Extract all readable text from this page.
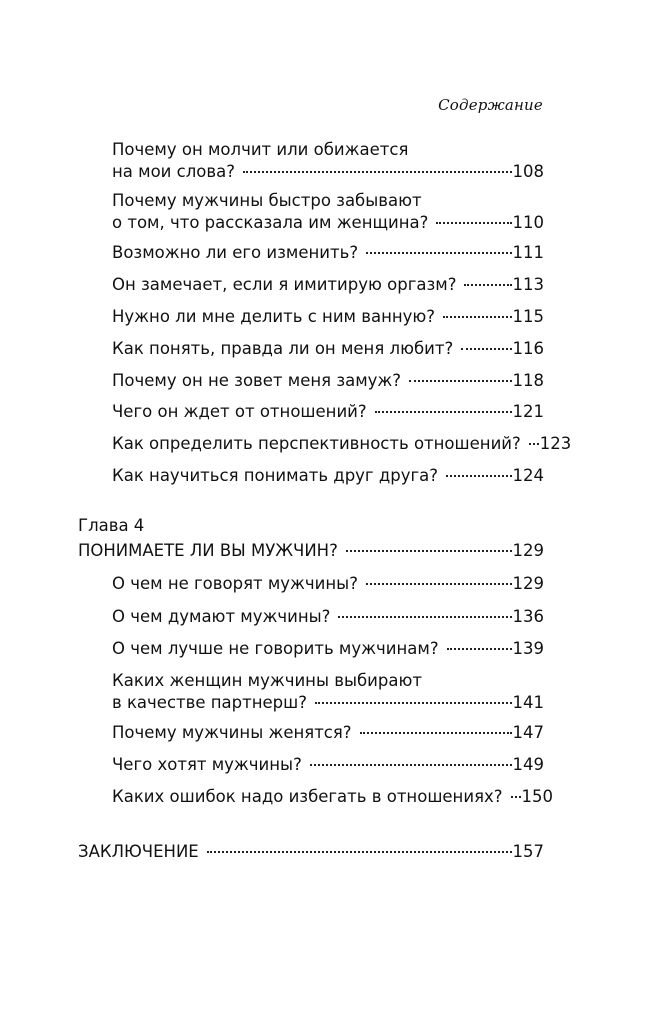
Содержание
Почему он молчит или обижается
на мои слова?	108
Почему мужчины быстро забывают
о том, что рассказала им женщина?	110
Возможно ли его изменить?	111
Он замечает, если я имитирую оргазм?	113
Нужно ли мне делить с ним ванную?	115
Как понять, правда ли он меня любит?	116
Почему он не зовет меня замуж?	118
Чего он ждет от отношений?	121
Как определить перспективность отношений? 123
Как научиться понимать друг друга?	124
Глава 4
ПОНИМАЕТЕ ЛИ ВЫ МУЖЧИН?	129
О чем не говорят мужчины?	129
О чем думают мужчины?	136
О чем лучше не говорить мужчинам?	139
Каких женщин мужчины выбирают
в качестве партнерш?	141
Почему мужчины женятся?	147
Чего хотят мужчины?	149
Каких ошибок надо избегать в отношениях? 150
ЗАКЛЮЧЕНИЕ	157
